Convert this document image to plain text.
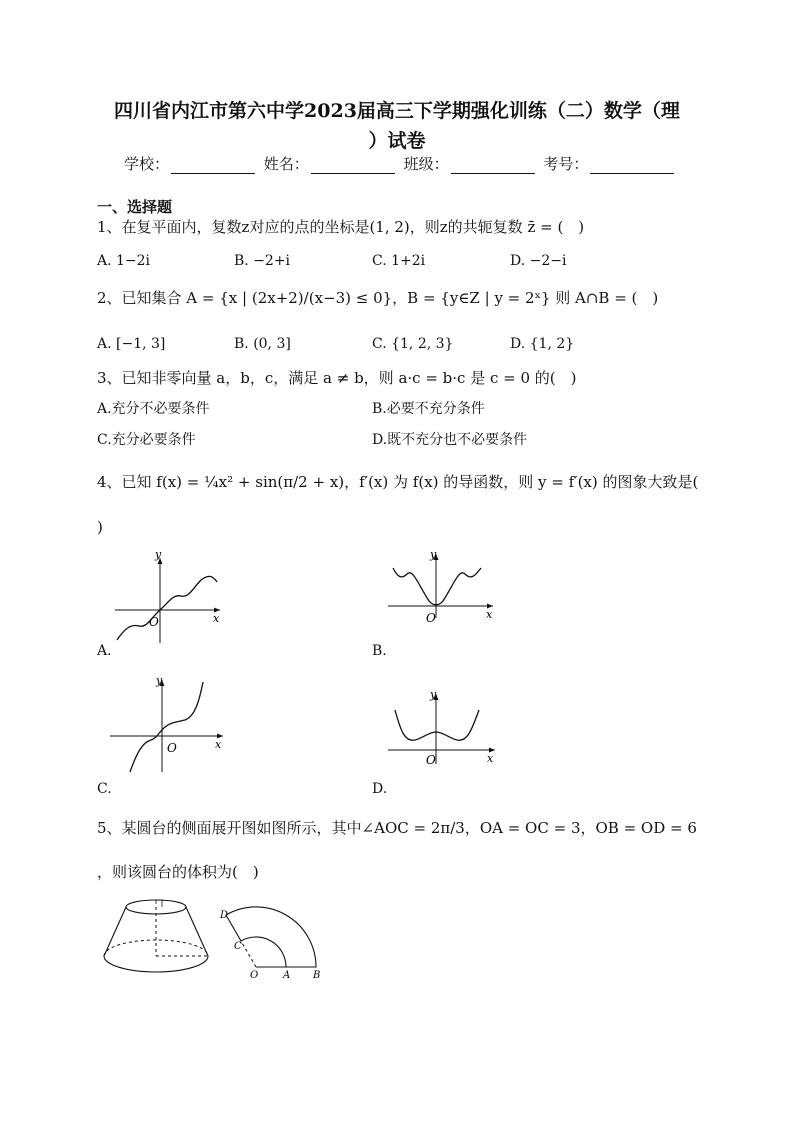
四川省内江市第六中学2023届高三下学期强化训练（二）数学（理
）试卷
学校：	姓名：	班级：	考号：
一、选择题
1、在复平面内，复数z对应的点的坐标是(1, 2)，则z的共轭复数 z̄ = (　)
A. 1−2i	B. −2+i	C. 1+2i	D. −2−i
2、已知集合 A = {x | (2x+2)/(x−3) ≤ 0}，B = {y∈Z | y = 2ˣ} 则 A∩B = (　)
A. [−1, 3]	B. (0, 3]	C. {1, 2, 3}	D. {1, 2}
3、已知非零向量 a，b，c，满足 a ≠ b，则 a·c = b·c 是 c = 0 的(　)
A.充分不必要条件	B.必要不充分条件
C.充分必要条件	D.既不充分也不必要条件
4、已知 f(x) = ¼x² + sin(π/2 + x)，f′(x) 为 f(x) 的导函数，则 y = f′(x) 的图象大致是(
)
y
x
O
A.
y
x
O
B.
y
x
O
C.
y
x
O
D.
5、某圆台的侧面展开图如图所示，其中∠AOC = 2π/3，OA = OC = 3，OB = OD = 6
，则该圆台的体积为(　)
D
C
O A B
